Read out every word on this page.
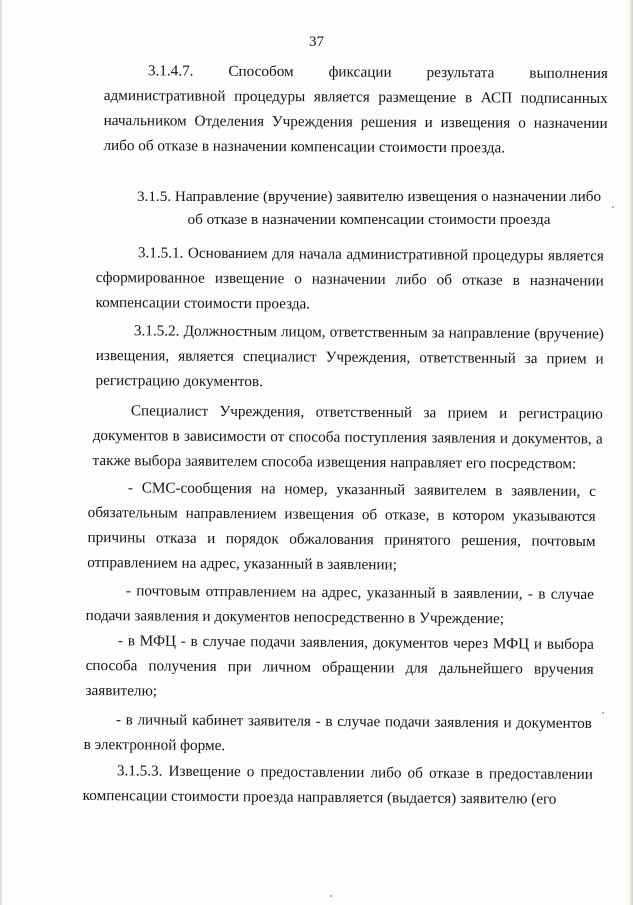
37

3.1.4.7. Способом фиксации результата выполнения административной процедуры является размещение в АСП подписанных начальником Отделения Учреждения решения и извещения о назначении либо об отказе в назначении компенсации стоимости проезда.

3.1.5. Направление (вручение) заявителю извещения о назначении либо
об отказе в назначении компенсации стоимости проезда

3.1.5.1. Основанием для начала административной процедуры является сформированное извещение о назначении либо об отказе в назначении компенсации стоимости проезда.

3.1.5.2. Должностным лицом, ответственным за направление (вручение) извещения, является специалист Учреждения, ответственный за прием и регистрацию документов.

Специалист Учреждения, ответственный за прием и регистрацию документов в зависимости от способа поступления заявления и документов, а также выбора заявителем способа извещения направляет его посредством:

- СМС-сообщения на номер, указанный заявителем в заявлении, с обязательным направлением извещения об отказе, в котором указываются причины отказа и порядок обжалования принятого решения, почтовым отправлением на адрес, указанный в заявлении;

- почтовым отправлением на адрес, указанный в заявлении, - в случае подачи заявления и документов непосредственно в Учреждение;

- в МФЦ - в случае подачи заявления, документов через МФЦ и выбора способа получения при личном обращении для дальнейшего вручения заявителю;

- в личный кабинет заявителя - в случае подачи заявления и документов в электронной форме.

3.1.5.3. Извещение о предоставлении либо об отказе в предоставлении компенсации стоимости проезда направляется (выдается) заявителю (его
